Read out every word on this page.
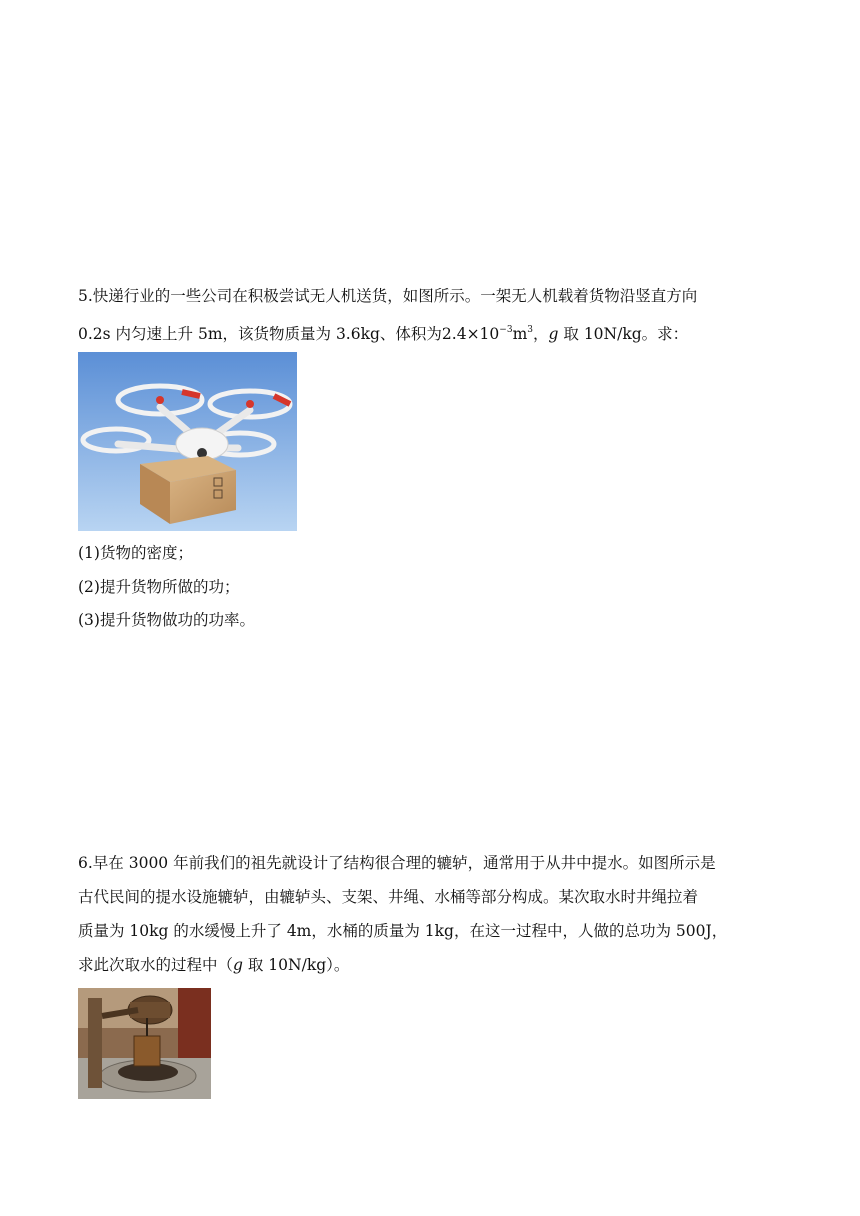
5.快递行业的一些公司在积极尝试无人机送货，如图所示。一架无人机载着货物沿竖直方向
0.2s 内匀速上升 5m，该货物质量为 3.6kg、体积为$2.4\times 10^{-3}m^3$，g 取 10N/kg。求：

(1)货物的密度；

(2)提升货物所做的功；

(3)提升货物做功的功率。

6.早在 3000 年前我们的祖先就设计了结构很合理的辘轳，通常用于从井中提水。如图所示是
古代民间的提水设施辘轳，由辘轳头、支架、井绳、水桶等部分构成。某次取水时井绳拉着
质量为 10kg 的水缓慢上升了 4m，水桶的质量为 1kg，在这一过程中，人做的总功为 500J，
求此次取水的过程中（g 取 10N/kg）。
